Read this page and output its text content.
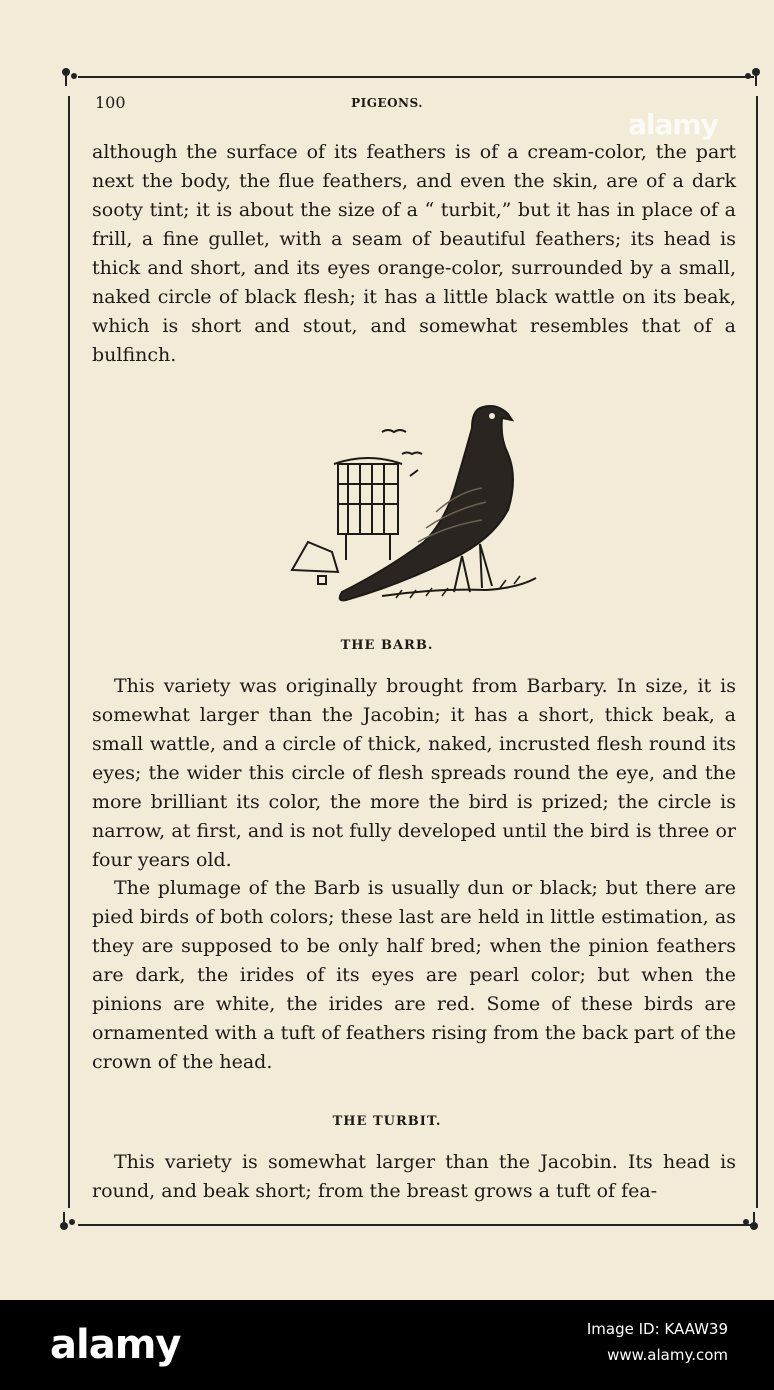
100	PIGEONS.

although the surface of its feathers is of a cream-color, the part next the body, the flue feathers, and even the skin, are of a dark sooty tint; it is about the size of a “ turbit,” but it has in place of a frill, a fine gullet, with a seam of beautiful feathers; its head is thick and short, and its eyes orange-color, surrounded by a small, naked circle of black flesh; it has a little black wattle on its beak, which is short and stout, and somewhat resembles that of a bulfinch.

THE BARB.

This variety was originally brought from Barbary. In size, it is somewhat larger than the Jacobin; it has a short, thick beak, a small wattle, and a circle of thick, naked, incrusted flesh round its eyes; the wider this circle of flesh spreads round the eye, and the more brilliant its color, the more the bird is prized; the circle is narrow, at first, and is not fully developed until the bird is three or four years old.

The plumage of the Barb is usually dun or black; but there are pied birds of both colors; these last are held in little estimation, as they are supposed to be only half bred; when the pinion feathers are dark, the irides of its eyes are pearl color; but when the pinions are white, the irides are red. Some of these birds are ornamented with a tuft of feathers rising from the back part of the crown of the head.

THE TURBIT.

This variety is somewhat larger than the Jacobin. Its head is round, and beak short; from the breast grows a tuft of fea-

alamy
alamy	Image ID: KAAW39
www.alamy.com
